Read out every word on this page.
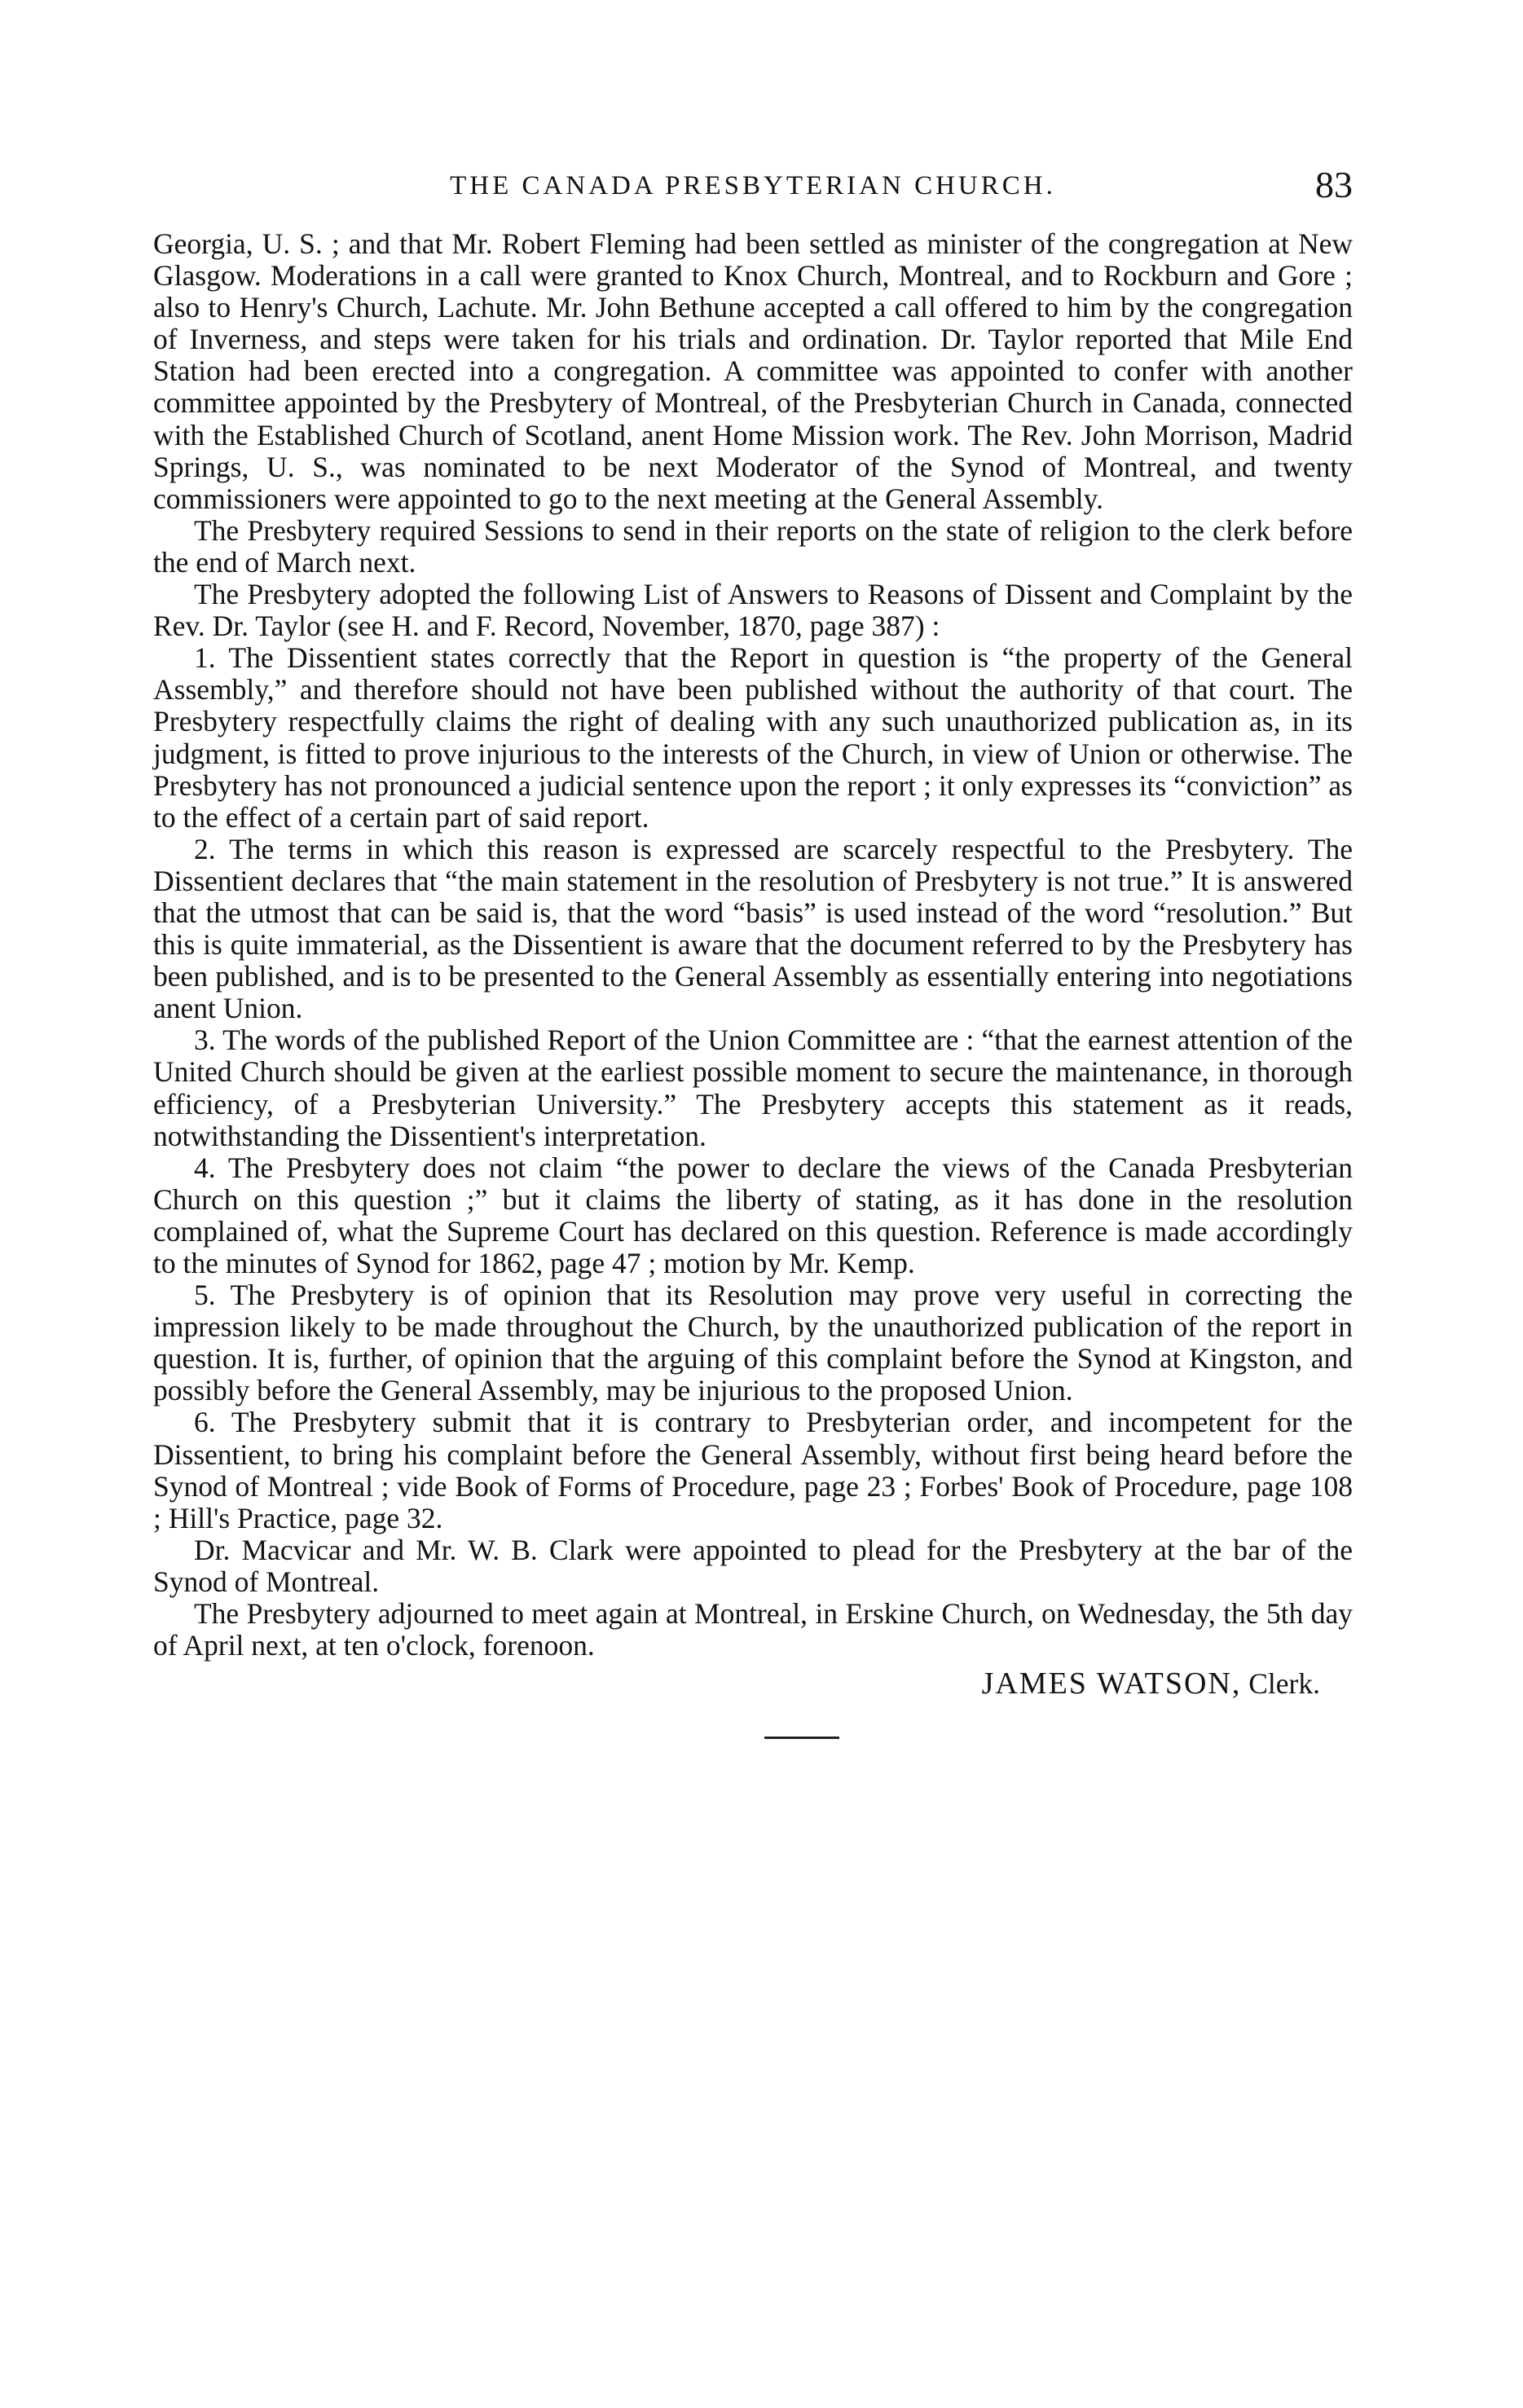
THE CANADA PRESBYTERIAN CHURCH.	83

Georgia, U. S. ; and that Mr. Robert Fleming had been settled as minister of the congregation at New Glasgow. Moderations in a call were granted to Knox Church, Montreal, and to Rockburn and Gore ; also to Henry's Church, Lachute. Mr. John Bethune accepted a call offered to him by the congregation of Inverness, and steps were taken for his trials and ordination. Dr. Taylor reported that Mile End Station had been erected into a congregation. A committee was appointed to confer with another committee appointed by the Presbytery of Montreal, of the Presbyterian Church in Canada, connected with the Established Church of Scotland, anent Home Mission work. The Rev. John Morrison, Madrid Springs, U. S., was nominated to be next Moderator of the Synod of Montreal, and twenty commissioners were appointed to go to the next meeting at the General Assembly.

The Presbytery required Sessions to send in their reports on the state of religion to the clerk before the end of March next.

The Presbytery adopted the following List of Answers to Reasons of Dissent and Complaint by the Rev. Dr. Taylor (see H. and F. Record, November, 1870, page 387) :

1. The Dissentient states correctly that the Report in question is “the property of the General Assembly,” and therefore should not have been published without the authority of that court. The Presbytery respectfully claims the right of dealing with any such unauthorized publication as, in its judgment, is fitted to prove injurious to the interests of the Church, in view of Union or otherwise. The Presbytery has not pronounced a judicial sentence upon the report ; it only expresses its “conviction” as to the effect of a certain part of said report.

2. The terms in which this reason is expressed are scarcely respectful to the Presbytery. The Dissentient declares that “the main statement in the resolution of Presbytery is not true.” It is answered that the utmost that can be said is, that the word “basis” is used instead of the word “resolution.” But this is quite immaterial, as the Dissentient is aware that the document referred to by the Presbytery has been published, and is to be presented to the General Assembly as essentially entering into negotiations anent Union.

3. The words of the published Report of the Union Committee are : “that the earnest attention of the United Church should be given at the earliest possible moment to secure the maintenance, in thorough efficiency, of a Presbyterian University.” The Presbytery accepts this statement as it reads, notwithstanding the Dissentient's interpretation.

4. The Presbytery does not claim “the power to declare the views of the Canada Presbyterian Church on this question ;” but it claims the liberty of stating, as it has done in the resolution complained of, what the Supreme Court has declared on this question. Reference is made accordingly to the minutes of Synod for 1862, page 47 ; motion by Mr. Kemp.

5. The Presbytery is of opinion that its Resolution may prove very useful in correcting the impression likely to be made throughout the Church, by the unauthorized publication of the report in question. It is, further, of opinion that the arguing of this complaint before the Synod at Kingston, and possibly before the General Assembly, may be injurious to the proposed Union.

6. The Presbytery submit that it is contrary to Presbyterian order, and incompetent for the Dissentient, to bring his complaint before the General Assembly, without first being heard before the Synod of Montreal ; vide Book of Forms of Procedure, page 23 ; Forbes' Book of Procedure, page 108 ; Hill's Practice, page 32.

Dr. Macvicar and Mr. W. B. Clark were appointed to plead for the Presbytery at the bar of the Synod of Montreal.

The Presbytery adjourned to meet again at Montreal, in Erskine Church, on Wednesday, the 5th day of April next, at ten o'clock, forenoon.

JAMES WATSON, Clerk.
